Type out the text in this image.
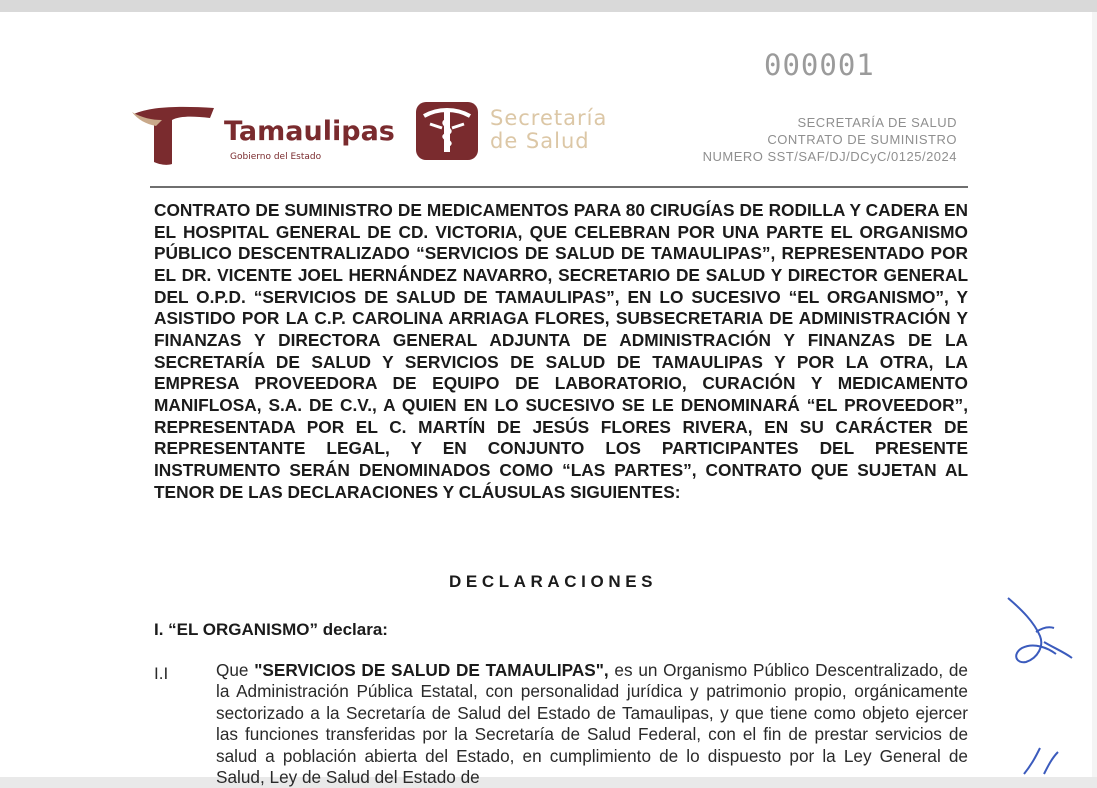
000001
Tamaulipas
Gobierno del Estado
Secretaría
de Salud
SECRETARÍA DE SALUD
CONTRATO DE SUMINISTRO
NUMERO SST/SAF/DJ/DCyC/0125/2024
CONTRATO DE SUMINISTRO DE MEDICAMENTOS PARA 80 CIRUGÍAS DE RODILLA Y CADERA EN EL HOSPITAL GENERAL DE CD. VICTORIA, QUE CELEBRAN POR UNA PARTE EL ORGANISMO PÚBLICO DESCENTRALIZADO “SERVICIOS DE SALUD DE TAMAULIPAS”, REPRESENTADO POR EL DR. VICENTE JOEL HERNÁNDEZ NAVARRO, SECRETARIO DE SALUD Y DIRECTOR GENERAL DEL O.P.D. “SERVICIOS DE SALUD DE TAMAULIPAS”, EN LO SUCESIVO “EL ORGANISMO”, Y ASISTIDO POR LA C.P. CAROLINA ARRIAGA FLORES, SUBSECRETARIA DE ADMINISTRACIÓN Y FINANZAS Y DIRECTORA GENERAL ADJUNTA DE ADMINISTRACIÓN Y FINANZAS DE LA SECRETARÍA DE SALUD Y SERVICIOS DE SALUD DE TAMAULIPAS Y POR LA OTRA, LA EMPRESA PROVEEDORA DE EQUIPO DE LABORATORIO, CURACIÓN Y MEDICAMENTO MANIFLOSA, S.A. DE C.V., A QUIEN EN LO SUCESIVO SE LE DENOMINARÁ “EL PROVEEDOR”, REPRESENTADA POR EL C. MARTÍN DE JESÚS FLORES RIVERA, EN SU CARÁCTER DE REPRESENTANTE LEGAL, Y EN CONJUNTO LOS PARTICIPANTES DEL PRESENTE INSTRUMENTO SERÁN DENOMINADOS COMO “LAS PARTES”, CONTRATO QUE SUJETAN AL TENOR DE LAS DECLARACIONES Y CLÁUSULAS SIGUIENTES:
DECLARACIONES
I. “EL ORGANISMO” declara:
I.I	Que "SERVICIOS DE SALUD DE TAMAULIPAS", es un Organismo Público Descentralizado, de la Administración Pública Estatal, con personalidad jurídica y patrimonio propio, orgánicamente sectorizado a la Secretaría de Salud del Estado de Tamaulipas, y que tiene como objeto ejercer las funciones transferidas por la Secretaría de Salud Federal, con el fin de prestar servicios de salud a población abierta del Estado, en cumplimiento de lo dispuesto por la Ley General de Salud, Ley de Salud del Estado de
